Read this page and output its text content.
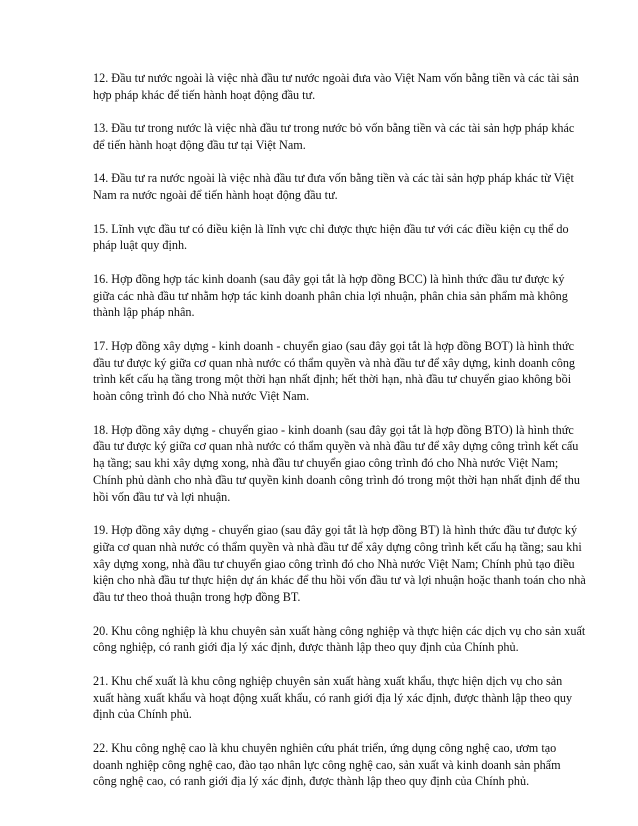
12. Đầu tư nước ngoài là việc nhà đầu tư nước ngoài đưa vào Việt Nam vốn bằng tiền và các tài sản hợp pháp khác để tiến hành hoạt động đầu tư.

13. Đầu tư trong nước là việc nhà đầu tư trong nước bỏ vốn bằng tiền và các tài sản hợp pháp khác để tiến hành hoạt động đầu tư tại Việt Nam.

14. Đầu tư ra nước ngoài là việc nhà đầu tư đưa vốn bằng tiền và các tài sản hợp pháp khác từ Việt Nam ra nước ngoài để tiến hành hoạt động đầu tư.

15. Lĩnh vực đầu tư có điều kiện là lĩnh vực chỉ được thực hiện đầu tư với các điều kiện cụ thể do pháp luật quy định.

16. Hợp đồng hợp tác kinh doanh (sau đây gọi tắt là hợp đồng BCC) là hình thức đầu tư được ký giữa các nhà đầu tư nhằm hợp tác kinh doanh phân chia lợi nhuận, phân chia sản phẩm mà không thành lập pháp nhân.

17. Hợp đồng xây dựng - kinh doanh - chuyển giao (sau đây gọi tắt là hợp đồng BOT) là hình thức đầu tư được ký giữa cơ quan nhà nước có thẩm quyền và nhà đầu tư để xây dựng, kinh doanh công trình kết cấu hạ tầng trong một thời hạn nhất định; hết thời hạn, nhà đầu tư chuyển giao không bồi hoàn công trình đó cho Nhà nước Việt Nam.

18. Hợp đồng xây dựng - chuyển giao - kinh doanh (sau đây gọi tắt là hợp đồng BTO) là hình thức đầu tư được ký giữa cơ quan nhà nước có thẩm quyền và nhà đầu tư để xây dựng công trình kết cấu hạ tầng; sau khi xây dựng xong, nhà đầu tư chuyển giao công trình đó cho Nhà nước Việt Nam; Chính phủ dành cho nhà đầu tư quyền kinh doanh công trình đó trong một thời hạn nhất định để thu hồi vốn đầu tư và lợi nhuận.

19. Hợp đồng xây dựng - chuyển giao (sau đây gọi tắt là hợp đồng BT) là hình thức đầu tư được ký giữa cơ quan nhà nước có thẩm quyền và nhà đầu tư để xây dựng công trình kết cấu hạ tầng; sau khi xây dựng xong, nhà đầu tư chuyển giao công trình đó cho Nhà nước Việt Nam; Chính phủ tạo điều kiện cho nhà đầu tư thực hiện dự án khác để thu hồi vốn đầu tư và lợi nhuận hoặc thanh toán cho nhà đầu tư theo thoả thuận trong hợp đồng BT.

20. Khu công nghiệp là khu chuyên sản xuất hàng công nghiệp và thực hiện các dịch vụ cho sản xuất công nghiệp, có ranh giới địa lý xác định, được thành lập theo quy định của Chính phủ.

21. Khu chế xuất là khu công nghiệp chuyên sản xuất hàng xuất khẩu, thực hiện dịch vụ cho sản xuất hàng xuất khẩu và hoạt động xuất khẩu, có ranh giới địa lý xác định, được thành lập theo quy định của Chính phủ.

22. Khu công nghệ cao là khu chuyên nghiên cứu phát triển, ứng dụng công nghệ cao, ươm tạo doanh nghiệp công nghệ cao, đào tạo nhân lực công nghệ cao, sản xuất và kinh doanh sản phẩm công nghệ cao, có ranh giới địa lý xác định, được thành lập theo quy định của Chính phủ.
